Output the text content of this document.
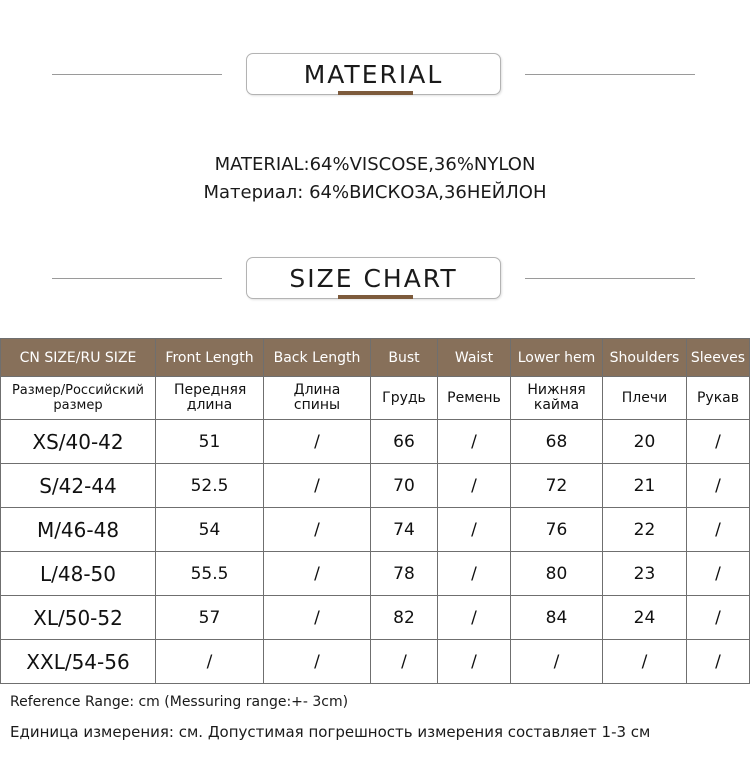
MATERIAL
MATERIAL:64%VISCOSE,36%NYLON
Материал: 64%ВИСКОЗА,36НЕЙЛОН
SIZE CHART
CN SIZE/RU SIZE	Front Length	Back Length	Bust	Waist	Lower hem	Shoulders	Sleeves
Размер/Российский размер	Передняя длина	Длина спины	Грудь	Ремень	Нижняя кайма	Плечи	Рукав
XS/40-42	51	/	66	/	68	20	/
S/42-44	52.5	/	70	/	72	21	/
M/46-48	54	/	74	/	76	22	/
L/48-50	55.5	/	78	/	80	23	/
XL/50-52	57	/	82	/	84	24	/
XXL/54-56	/	/	/	/	/	/	/
Reference Range: cm (Messuring range:+- 3cm)
Единица измерения: см. Допустимая погрешность измерения составляет 1-3 см
